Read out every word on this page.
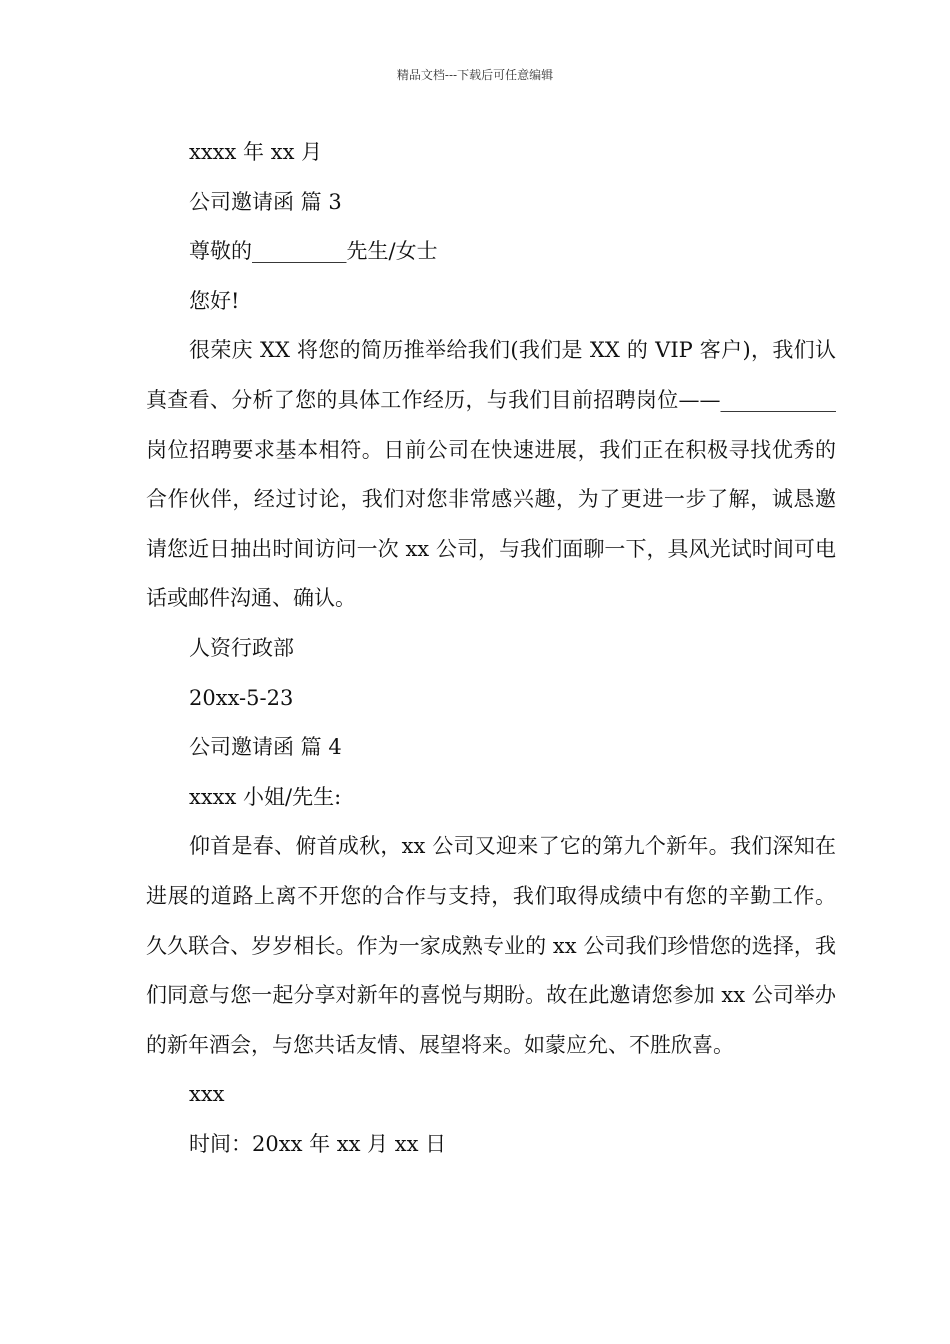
精品文档---下载后可任意编辑
xxxx 年 xx 月
公司邀请函 篇 3
尊敬的_________先生/女士
您好!
很荣庆 XX 将您的简历推举给我们(我们是 XX 的 VIP 客户)，我们认真查看、分析了您的具体工作经历，与我们目前招聘岗位——___________ 岗位招聘要求基本相符。日前公司在快速进展，我们正在积极寻找优秀的合作伙伴，经过讨论，我们对您非常感兴趣，为了更进一步了解，诚恳邀请您近日抽出时间访问一次 xx 公司，与我们面聊一下，具风光试时间可电话或邮件沟通、确认。
人资行政部
20xx-5-23
公司邀请函 篇 4
xxxx 小姐/先生:
仰首是春、俯首成秋，xx 公司又迎来了它的第九个新年。我们深知在进展的道路上离不开您的合作与支持，我们取得成绩中有您的辛勤工作。久久联合、岁岁相长。作为一家成熟专业的 xx 公司我们珍惜您的选择，我们同意与您一起分享对新年的喜悦与期盼。故在此邀请您参加 xx 公司举办的新年酒会，与您共话友情、展望将来。如蒙应允、不胜欣喜。
xxx
时间：20xx 年 xx 月 xx 日
